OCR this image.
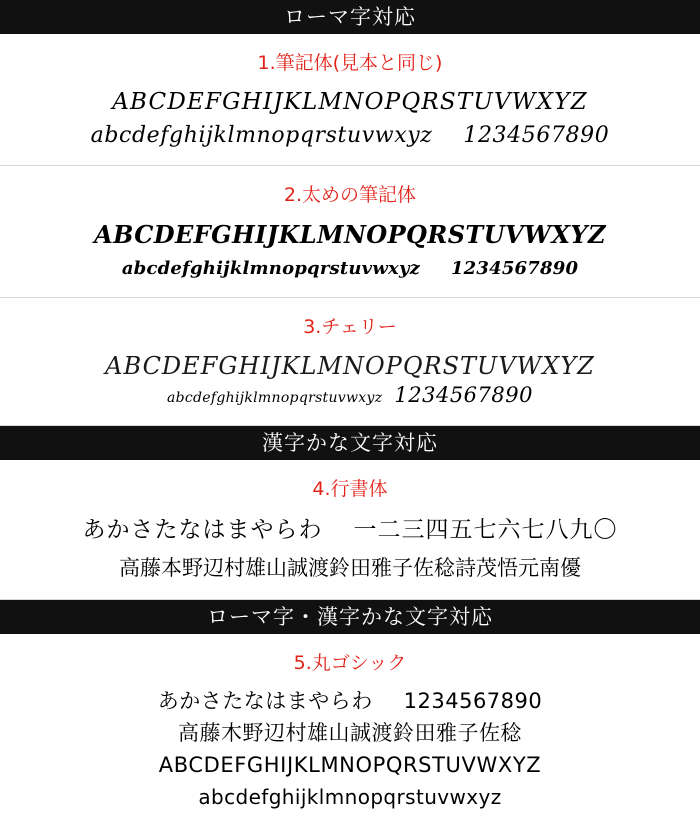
ローマ字対応
1.筆記体(見本と同じ)
ABCDEFGHIJKLMNOPQRSTUVWXYZ
abcdefghijklmnopqrstuvwxyz 1234567890
2.太めの筆記体
ABCDEFGHIJKLMNOPQRSTUVWXYZ
abcdefghijklmnopqrstuvwxyz 1234567890
3.チェリー
ABCDEFGHIJKLMNOPQRSTUVWXYZ
abcdefghijklmnopqrstuvwxyz 1234567890
漢字かな文字対応
4.行書体
あかさたなはまやらわ 一二三四五七六七八九〇
高藤本野辺村雄山誠渡鈴田雅子佐稔詩茂悟元南優
ローマ字・漢字かな文字対応
5.丸ゴシック
あかさたなはまやらわ 1234567890
高藤木野辺村雄山誠渡鈴田雅子佐稔
ABCDEFGHIJKLMNOPQRSTUVWXYZ
abcdefghijklmnopqrstuvwxyz
